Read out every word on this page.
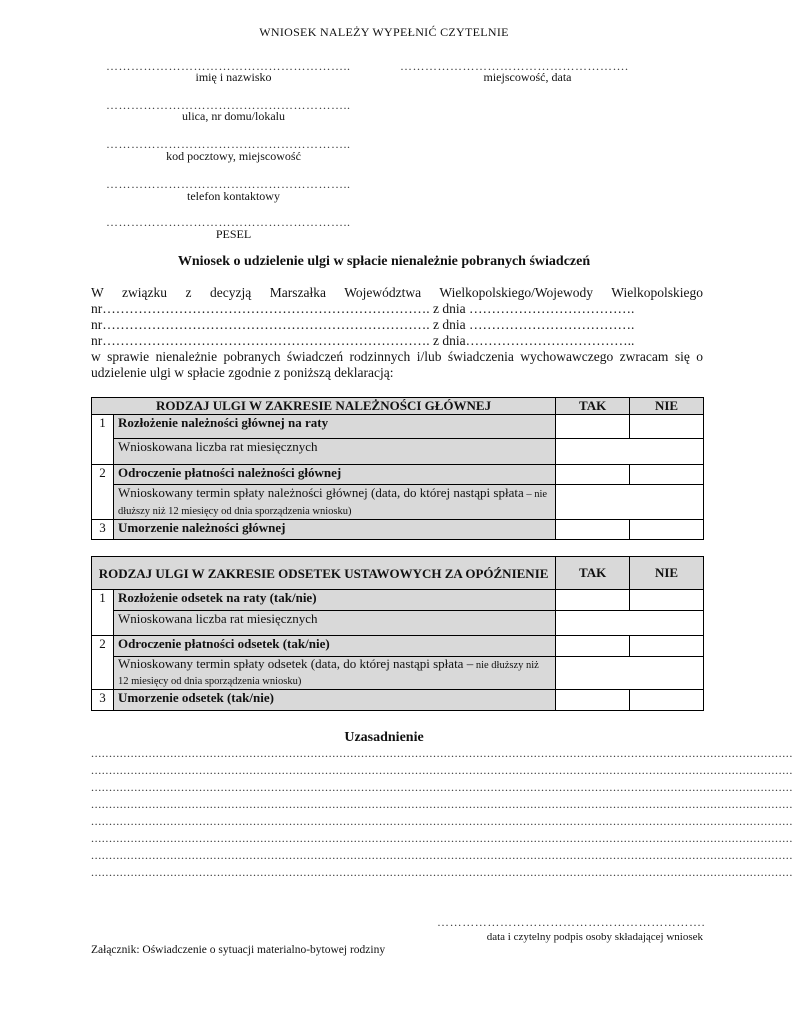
WNIOSEK NALEŻY WYPEŁNIĆ CZYTELNIE
…………………………………………………..
imię i nazwisko
……………………………………………….
miejscowość, data
…………………………………………………..
ulica, nr domu/lokalu
…………………………………………………..
kod pocztowy, miejscowość
…………………………………………………..
telefon kontaktowy
…………………………………………………..
PESEL
Wniosek o udzielenie ulgi w spłacie nienależnie pobranych świadczeń
W związku z decyzją Marszałka Województwa Wielkopolskiego/Wojewody Wielkopolskiego
nr………………………………………………………………. z dnia ……………………………….
nr………………………………………………………………. z dnia ……………………………….
nr………………………………………………………………. z dnia………………………………..
w sprawie nienależnie pobranych świadczeń rodzinnych i/lub świadczenia wychowawczego zwracam się o udzielenie ulgi w spłacie zgodnie z poniższą deklaracją:
RODZAJ ULGI W ZAKRESIE NALEŻNOŚCI GŁÓWNEJ		TAK	NIE
1	Rozłożenie należności głównej na raty		
	Wnioskowana liczba rat miesięcznych		
2	Odroczenie płatności należności głównej		
	Wnioskowany termin spłaty należności głównej (data, do której nastąpi spłata – nie dłuższy niż 12 miesięcy od dnia sporządzenia wniosku)		
3	Umorzenie należności głównej		
RODZAJ ULGI W ZAKRESIE ODSETEK USTAWOWYCH ZA OPÓŹNIENIE		TAK	NIE
1	Rozłożenie odsetek na raty (tak/nie)		
	Wnioskowana liczba rat miesięcznych		
2	Odroczenie płatności odsetek (tak/nie)		
	Wnioskowany termin spłaty odsetek (data, do której nastąpi spłata – nie dłuższy niż 12 miesięcy od dnia sporządzenia wniosku)		
3	Umorzenie odsetek (tak/nie)		
Uzasadnienie
...................................................................................................................................................................................................
...................................................................................................................................................................................................
...................................................................................................................................................................................................
...................................................................................................................................................................................................
...................................................................................................................................................................................................
...................................................................................................................................................................................................
...................................................................................................................................................................................................
...................................................................................................................................................................................................
……………………………………………………….
data i czytelny podpis osoby składającej wniosek
Załącznik: Oświadczenie o sytuacji materialno-bytowej rodziny
